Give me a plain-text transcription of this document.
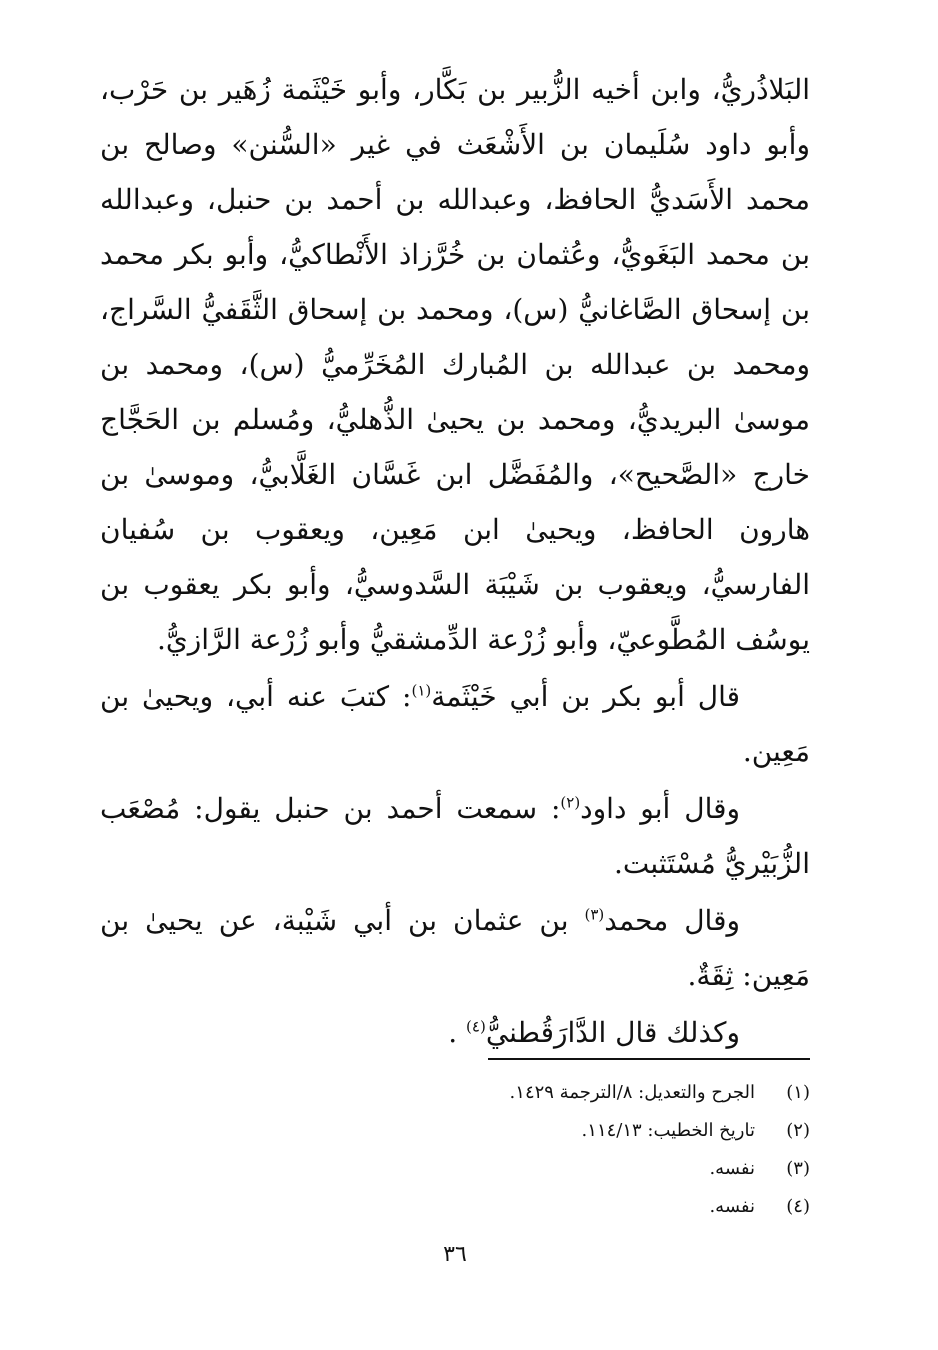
البَلاذُريُّ، وابن أخيه الزُّبير بن بَكَّار، وأبو خَيْثَمة زُهَير بن حَرْب، وأبو داود سُلَيمان بن الأَشْعَث في غير «السُّنن» وصالح بن محمد الأَسَديُّ الحافظ، وعبدالله بن أحمد بن حنبل، وعبدالله بن محمد البَغَويُّ، وعُثمان بن خُرَّزاذ الأَنْطاكيُّ، وأبو بكر محمد بن إسحاق الصَّاغانيُّ (س)، ومحمد بن إسحاق الثَّقَفيُّ السَّراج، ومحمد بن عبدالله بن المُبارك المُخَرِّميُّ (س)، ومحمد بن موسىٰ البريديُّ، ومحمد بن يحيىٰ الذُّهليُّ، ومُسلم بن الحَجَّاج خارج «الصَّحيح»، والمُفَضَّل ابن غَسَّان الغَلَّابيُّ، وموسىٰ بن هارون الحافظ، ويحيىٰ ابن مَعِين، ويعقوب بن سُفيان الفارسيُّ، ويعقوب بن شَيْبَة السَّدوسيُّ، وأبو بكر يعقوب بن يوسُف المُطَّوعيّ، وأبو زُرْعة الدِّمشقيُّ وأبو زُرْعة الرَّازيُّ.

قال أبو بكر بن أبي خَيْثَمة$^{(١)}$: كتبَ عنه أبي، ويحيىٰ بن مَعِين.

وقال أبو داود$^{(٢)}$: سمعت أحمد بن حنبل يقول: مُصْعَب الزُّبَيْريُّ مُسْتَثبت.

وقال محمد$^{(٣)}$ بن عثمان بن أبي شَيْبة، عن يحيىٰ بن مَعِين: ثِقَةٌ.

وكذلك قال الدَّارَقُطنيُّ$^{(٤)}$ .

(١)
الجرح والتعديل: ٨/الترجمة ١٤٢٩.
(٢)
تاريخ الخطيب: ١١٤/١٣.
(٣)
نفسه.
(٤)
نفسه.
٣٦
